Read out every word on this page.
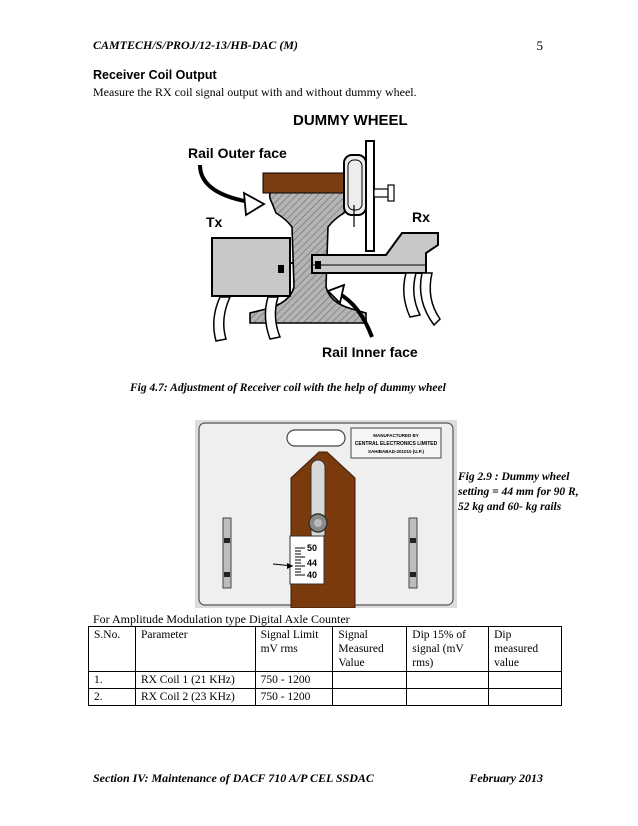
CAMTECH/S/PROJ/12-13/HB-DAC (M)	5
Receiver Coil Output
Measure the RX coil signal output with and without dummy wheel.
DUMMY WHEEL
Rail Outer face
Tx	Rx
Rail Inner face
Fig 4.7: Adjustment of Receiver coil with the help of dummy wheel
MANUFACTURED BY
CENTRAL ELECTRONICS LIMITED
SAHIBABAD-201010 (U.P.)
50
44
40
Fig 2.9 : Dummy wheel setting = 44 mm for 90 R, 52 kg and 60- kg rails
For Amplitude Modulation type Digital Axle Counter
S.No.	Parameter	Signal Limit mV rms	Signal Measured Value	Dip 15% of signal (mV rms)	Dip measured value
1.	RX Coil 1 (21 KHz)	750 - 1200			
2.	RX Coil 2 (23 KHz)	750 - 1200			
Section IV: Maintenance of DACF 710 A/P CEL SSDAC	February 2013
